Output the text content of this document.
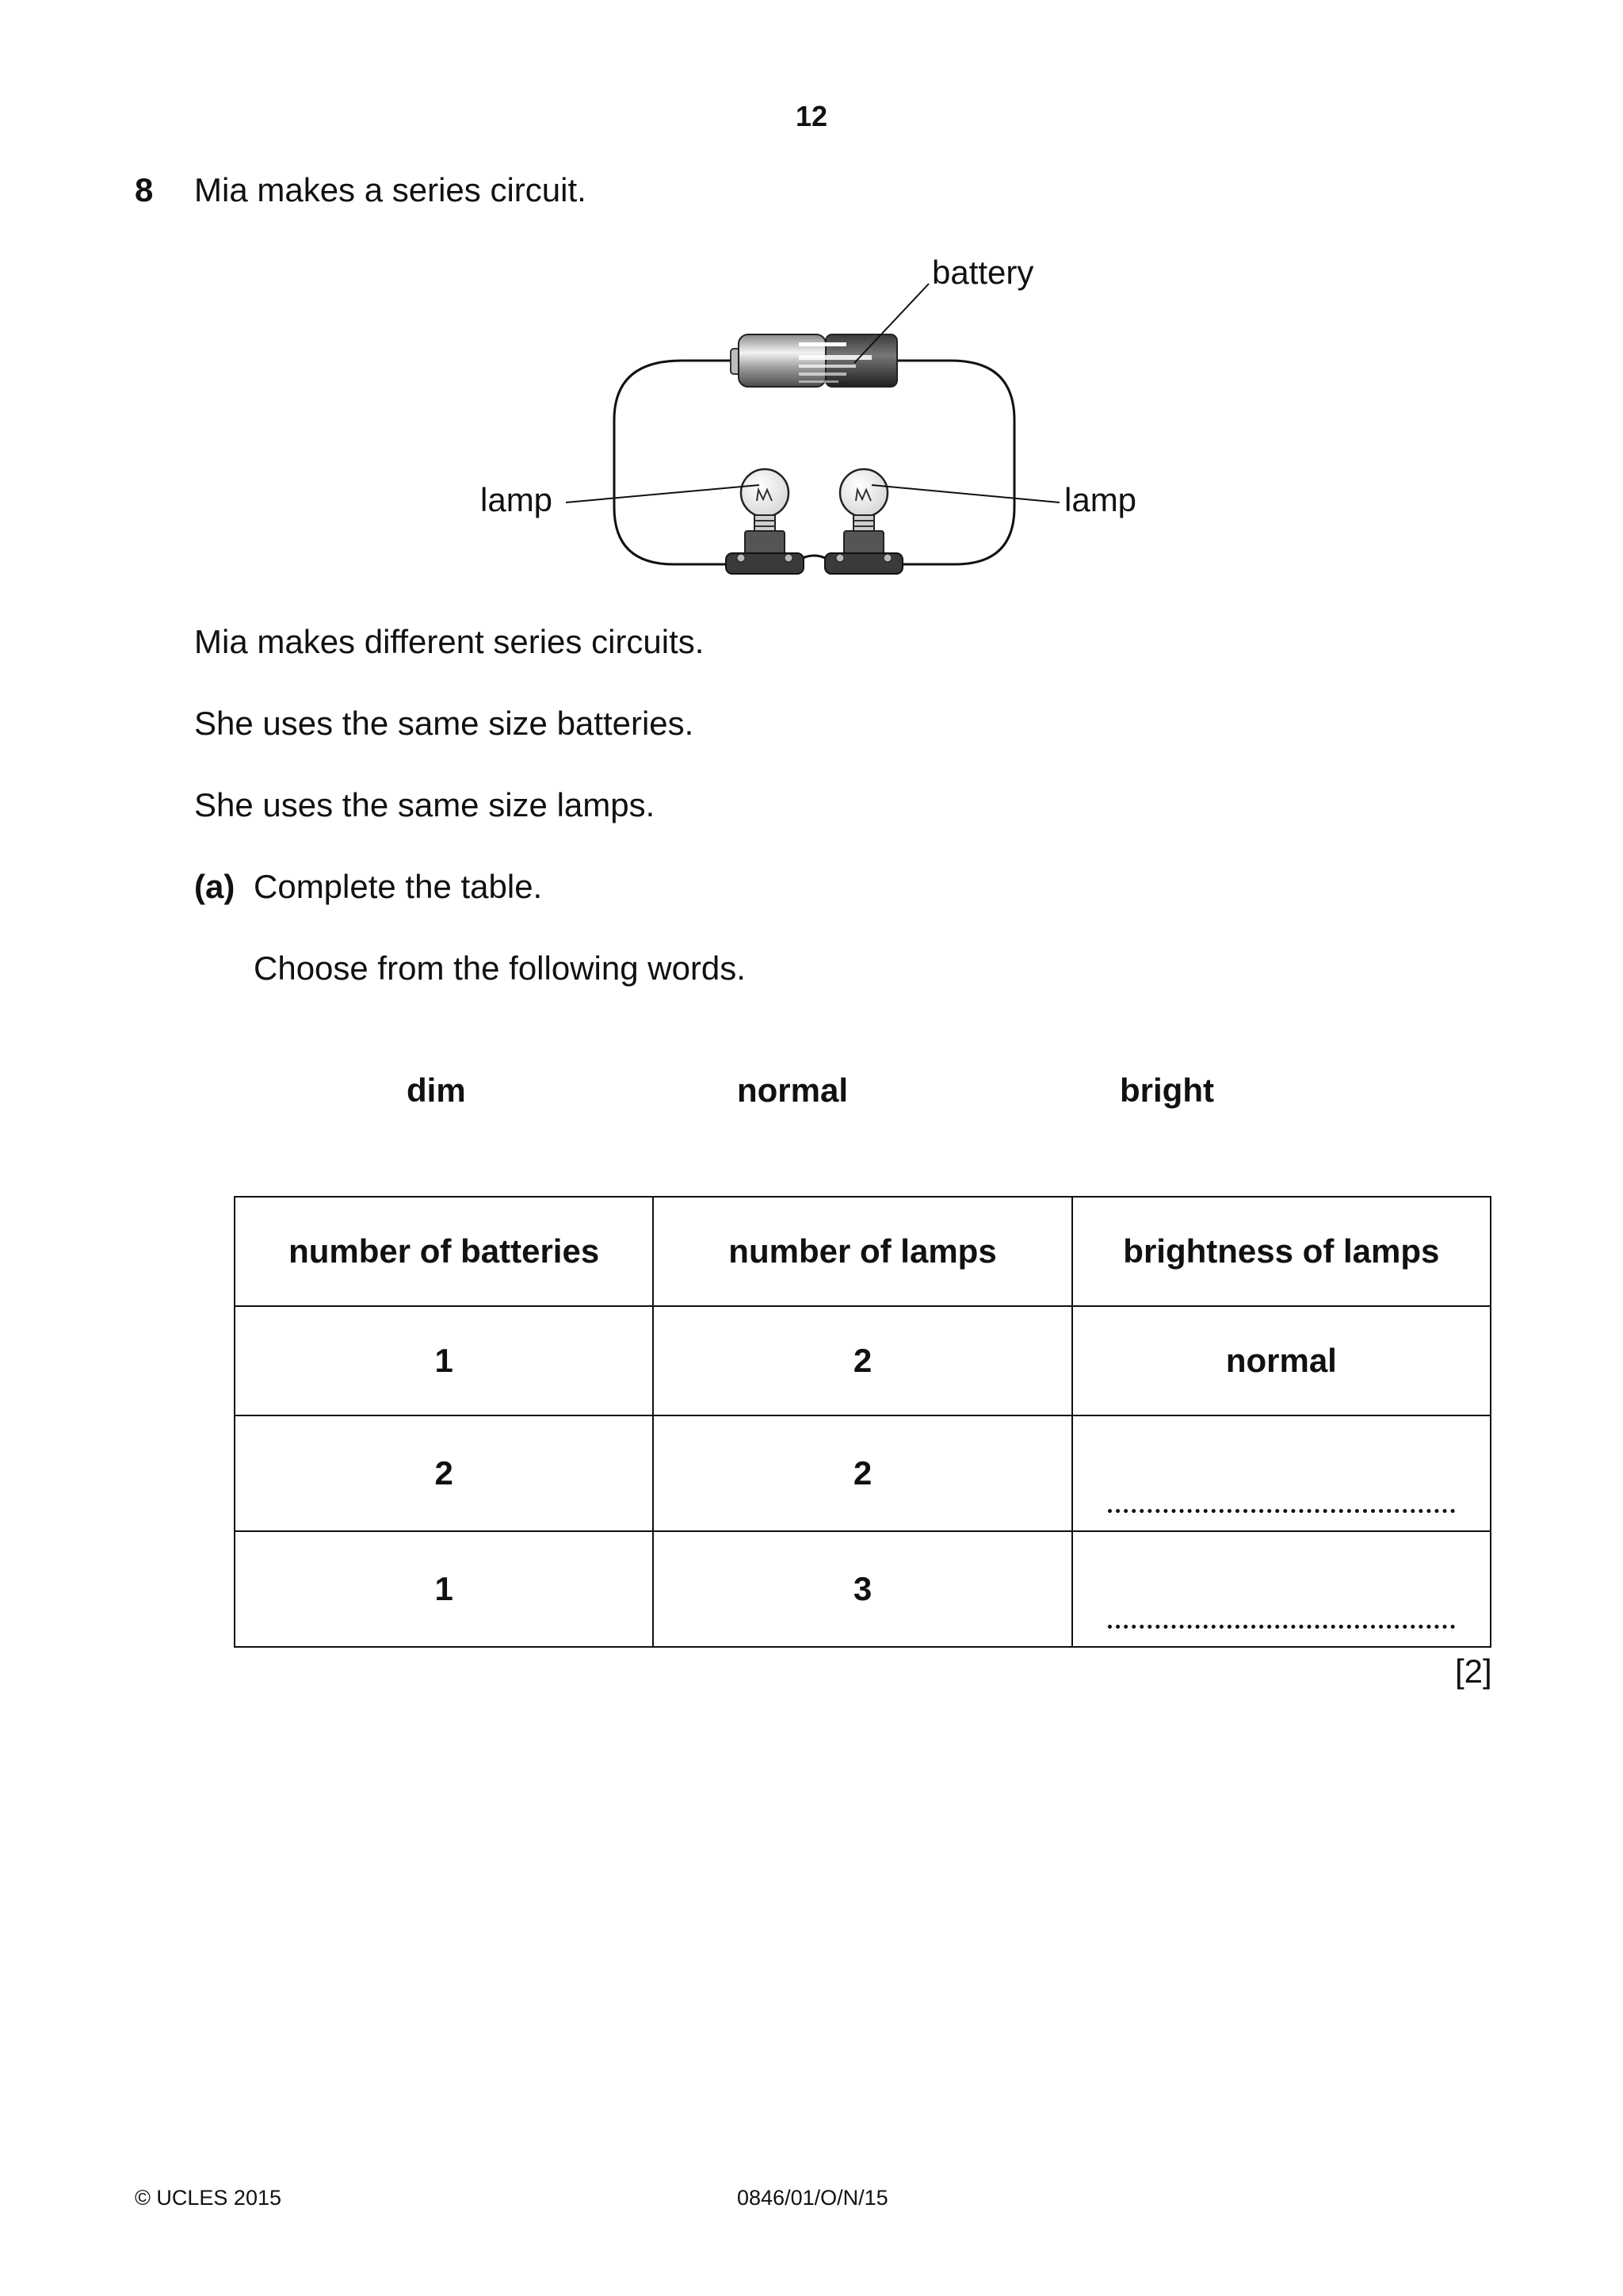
12
8 Mia makes a series circuit.
battery
lamp	lamp
Mia makes different series circuits.
She uses the same size batteries.
She uses the same size lamps.
(a) Complete the table.
Choose from the following words.
dim	normal	bright
number of batteries	number of lamps	brightness of lamps
1	2	normal
2	2	

1	3	
[2]
© UCLES 2015	0846/01/O/N/15
